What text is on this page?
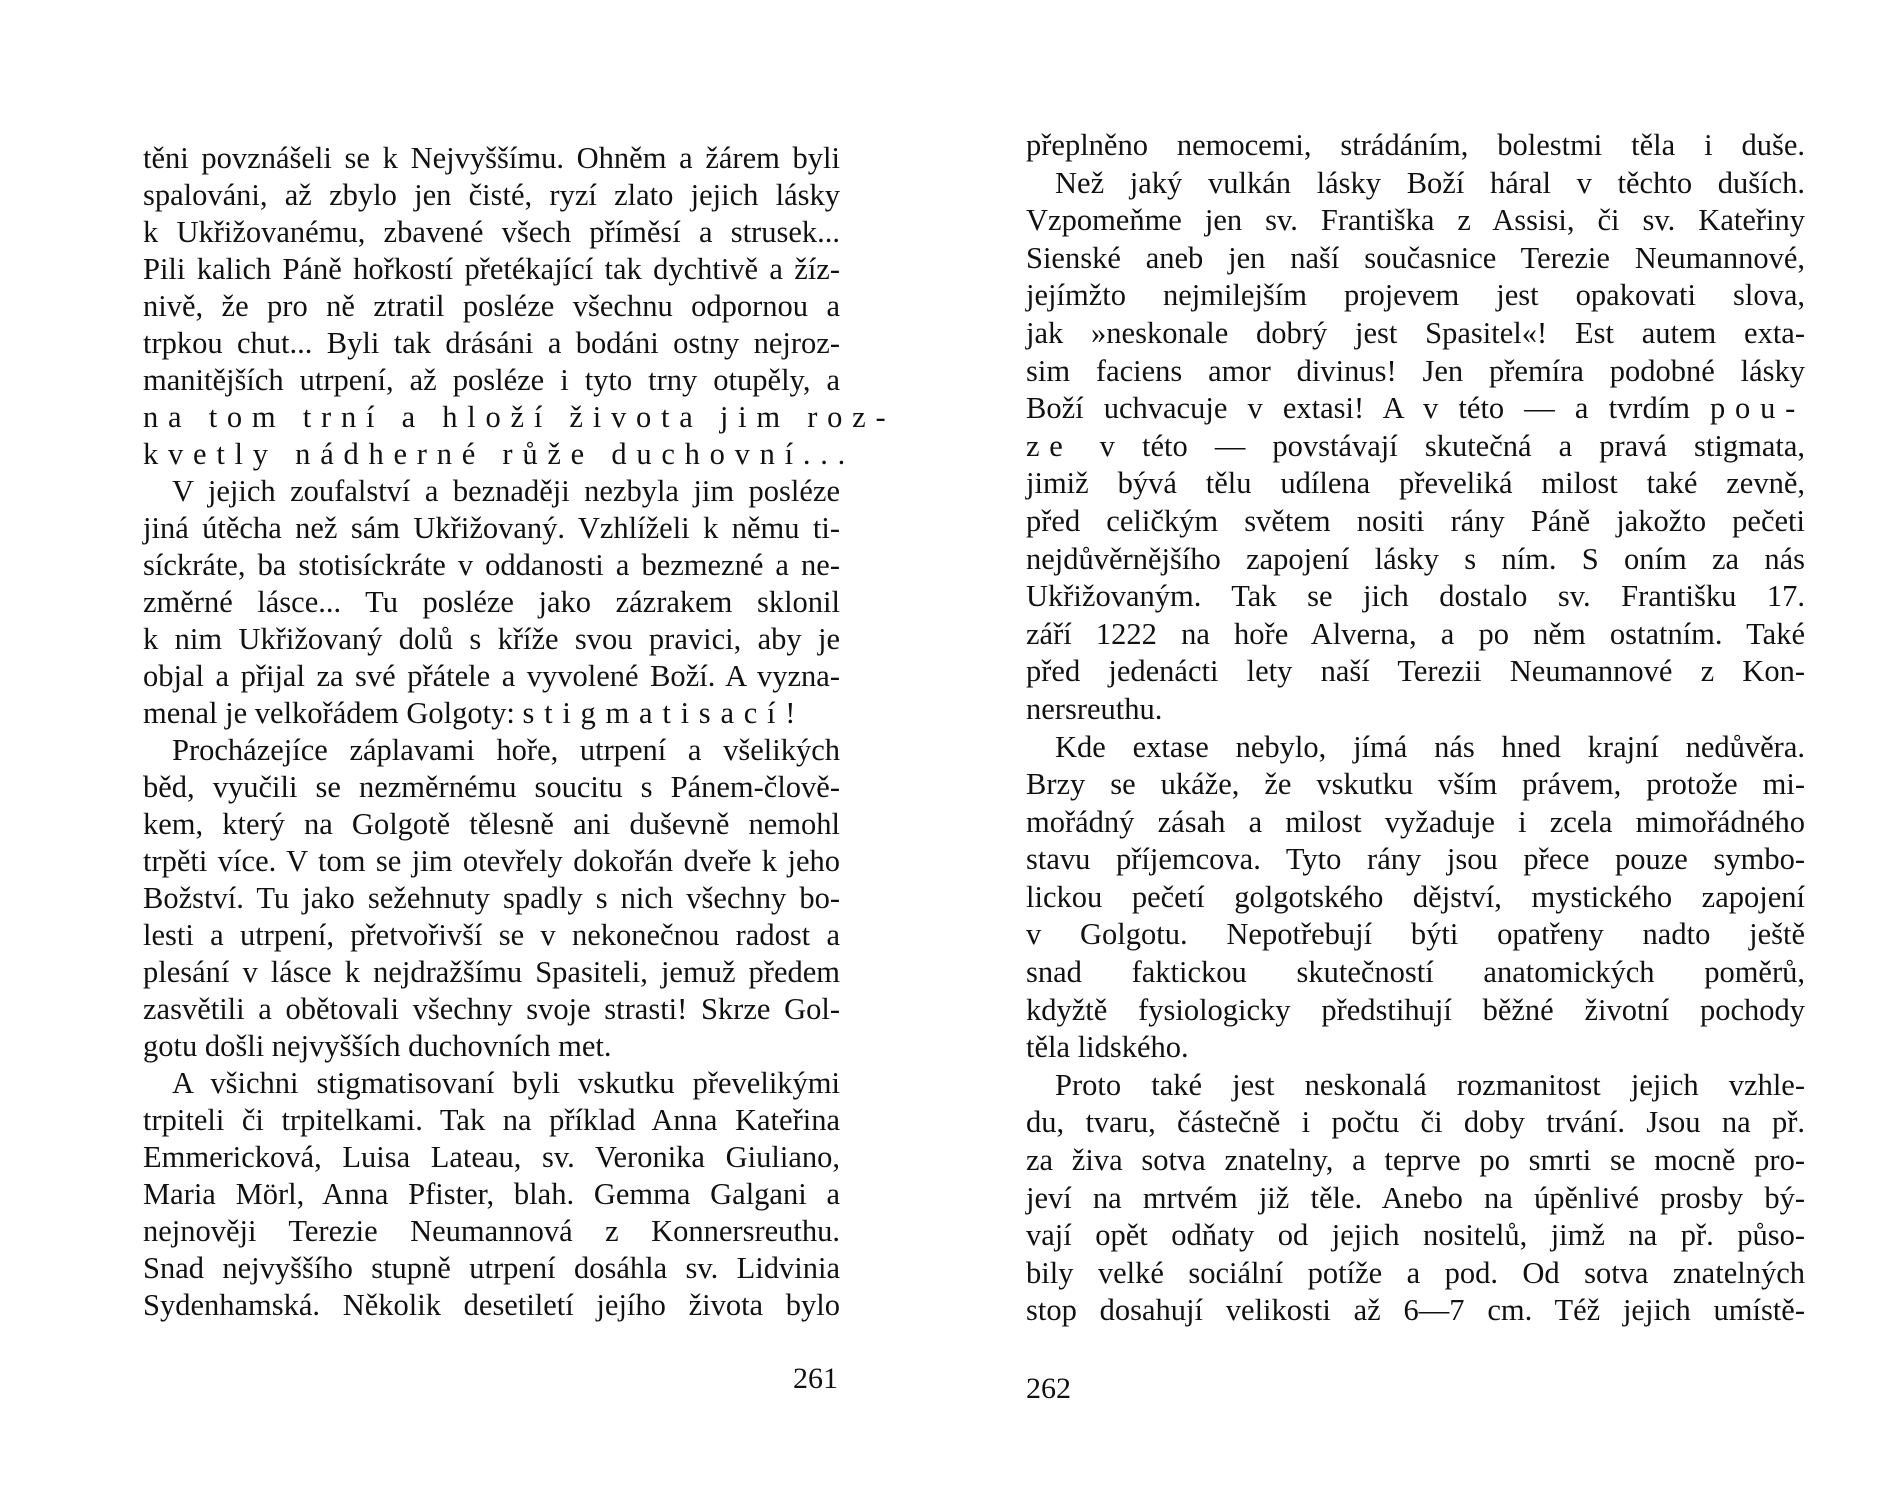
těni povznášeli se k Nejvyššímu. Ohněm a žárem byli
spalováni, až zbylo jen čisté, ryzí zlato jejich lásky
k Ukřižovanému, zbavené všech příměsí a strusek...
Pili kalich Páně hořkostí přetékající tak dychtivě a žíz-
nivě, že pro ně ztratil posléze všechnu odpornou a
trpkou chut... Byli tak drásáni a bodáni ostny nejroz-
manitějších utrpení, až posléze i tyto trny otupěly, a
na tom trní a hloží života jim roz-
kvetly nádherné růže duchovní...
V jejich zoufalství a beznaději nezbyla jim posléze
jiná útěcha než sám Ukřižovaný. Vzhlíželi k němu ti-
síckráte, ba stotisíckráte v oddanosti a bezmezné a ne-
změrné lásce... Tu posléze jako zázrakem sklonil
k nim Ukřižovaný dolů s kříže svou pravici, aby je
objal a přijal za své přátele a vyvolené Boží. A vyzna-
menal je velkořádem Golgoty: stigmatisací!
Procházejíce záplavami hoře, utrpení a všelikých
běd, vyučili se nezměrnému soucitu s Pánem-člově-
kem, který na Golgotě tělesně ani duševně nemohl
trpěti více. V tom se jim otevřely dokořán dveře k jeho
Božství. Tu jako sežehnuty spadly s nich všechny bo-
lesti a utrpení, přetvořivší se v nekonečnou radost a
plesání v lásce k nejdražšímu Spasiteli, jemuž předem
zasvětili a obětovali všechny svoje strasti! Skrze Gol-
gotu došli nejvyšších duchovních met.
A všichni stigmatisovaní byli vskutku převelikými
trpiteli či trpitelkami. Tak na příklad Anna Kateřina
Emmericková, Luisa Lateau, sv. Veronika Giuliano,
Maria Mörl, Anna Pfister, blah. Gemma Galgani a
nejnověji Terezie Neumannová z Konnersreuthu.
Snad nejvyššího stupně utrpení dosáhla sv. Lidvinia
Sydenhamská. Několik desetiletí jejího života bylo
261
přeplněno nemocemi, strádáním, bolestmi těla i duše.
Než jaký vulkán lásky Boží háral v těchto duších.
Vzpomeňme jen sv. Františka z Assisi, či sv. Kateřiny
Sienské aneb jen naší současnice Terezie Neumannové,
jejímžto nejmilejším projevem jest opakovati slova,
jak »neskonale dobrý jest Spasitel«! Est autem exta-
sim faciens amor divinus! Jen přemíra podobné lásky
Boží uchvacuje v extasi! A v této — a tvrdím pou-
ze v této — povstávají skutečná a pravá stigmata,
jimiž bývá tělu udílena převeliká milost také zevně,
před celičkým světem nositi rány Páně jakožto pečeti
nejdůvěrnějšího zapojení lásky s ním. S oním za nás
Ukřižovaným. Tak se jich dostalo sv. Františku 17.
září 1222 na hoře Alverna, a po něm ostatním. Také
před jedenácti lety naší Terezii Neumannové z Kon-
nersreuthu.
Kde extase nebylo, jímá nás hned krajní nedůvěra.
Brzy se ukáže, že vskutku vším právem, protože mi-
mořádný zásah a milost vyžaduje i zcela mimořádného
stavu příjemcova. Tyto rány jsou přece pouze symbo-
lickou pečetí golgotského dějství, mystického zapojení
v Golgotu. Nepotřebují býti opatřeny nadto ještě
snad faktickou skutečností anatomických poměrů,
kdyžtě fysiologicky předstihují běžné životní pochody
těla lidského.
Proto také jest neskonalá rozmanitost jejich vzhle-
du, tvaru, částečně i počtu či doby trvání. Jsou na př.
za živa sotva znatelny, a teprve po smrti se mocně pro-
jeví na mrtvém již těle. Anebo na úpěnlivé prosby bý-
vají opět odňaty od jejich nositelů, jimž na př. půso-
bily velké sociální potíže a pod. Od sotva znatelných
stop dosahují velikosti až 6—7 cm. Též jejich umístě-
262
